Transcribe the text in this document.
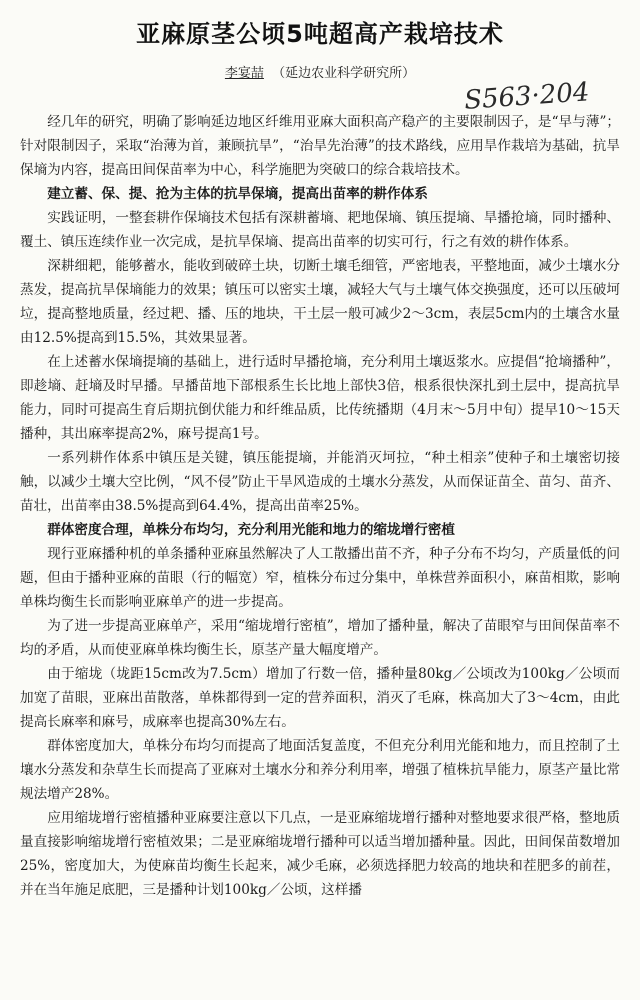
亚麻原茎公顷5吨超高产栽培技术
李宴喆 （延边农业科学研究所）
S563·204

经几年的研究，明确了影响延边地区纤维用亚麻大面积高产稳产的主要限制因子，是“早与薄”；针对限制因子，采取“治薄为首，兼顾抗旱”，“治旱先治薄”的技术路线，应用旱作栽培为基础，抗旱保墒为内容，提高田间保苗率为中心，科学施肥为突破口的综合栽培技术。

建立蓄、保、提、抢为主体的抗旱保墒，提高出苗率的耕作体系

实践证明，一整套耕作保墒技术包括有深耕蓄墒、耙地保墒、镇压提墒、旱播抢墒，同时播种、覆土、镇压连续作业一次完成，是抗旱保墒、提高出苗率的切实可行，行之有效的耕作体系。

深耕细耙，能够蓄水，能收到破碎土块，切断土壤毛细管，严密地表，平整地面，减少土壤水分蒸发，提高抗旱保墒能力的效果；镇压可以密实土壤，减轻大气与土壤气体交换强度，还可以压破坷垃，提高整地质量，经过耙、播、压的地块，干土层一般可减少2～3cm，表层5cm内的土壤含水量由12.5%提高到15.5%，其效果显著。

在上述蓄水保墒提墒的基础上，进行适时早播抢墒，充分利用土壤返浆水。应提倡“抢墒播种”，即趁墒、赶墒及时早播。早播苗地下部根系生长比地上部快3倍，根系很快深扎到土层中，提高抗旱能力，同时可提高生育后期抗倒伏能力和纤维品质，比传统播期（4月末～5月中旬）提早10～15天播种，其出麻率提高2%，麻号提高1号。

一系列耕作体系中镇压是关键，镇压能提墒，并能消灭坷拉，“种土相亲”使种子和土壤密切接触，以减少土壤大空比例，“风不侵”防止干旱风造成的土壤水分蒸发，从而保证苗全、苗匀、苗齐、苗壮，出苗率由38.5%提高到64.4%，提高出苗率25%。

群体密度合理，单株分布均匀，充分利用光能和地力的缩垅增行密植

现行亚麻播种机的单条播种亚麻虽然解决了人工散播出苗不齐，种子分布不均匀，产质量低的问题，但由于播种亚麻的苗眼（行的幅宽）窄，植株分布过分集中，单株营养面积小，麻苗相欺，影响单株均衡生长而影响亚麻单产的进一步提高。

为了进一步提高亚麻单产，采用“缩垅增行密植”，增加了播种量，解决了苗眼窄与田间保苗率不均的矛盾，从而使亚麻单株均衡生长，原茎产量大幅度增产。

由于缩垅（垅距15cm改为7.5cm）增加了行数一倍，播种量80kg／公顷改为100kg／公顷而加宽了苗眼，亚麻出苗散落，单株都得到一定的营养面积，消灭了毛麻，株高加大了3～4cm，由此提高长麻率和麻号，成麻率也提高30%左右。

群体密度加大，单株分布均匀而提高了地面活复盖度，不但充分利用光能和地力，而且控制了土壤水分蒸发和杂草生长而提高了亚麻对土壤水分和养分利用率，增强了植株抗旱能力，原茎产量比常规法增产28%。

应用缩垅增行密植播种亚麻要注意以下几点，一是亚麻缩垅增行播种对整地要求很严格，整地质量直接影响缩垅增行密植效果；二是亚麻缩垅增行播种可以适当增加播种量。因此，田间保苗数增加25%，密度加大，为使麻苗均衡生长起来，减少毛麻，必须选择肥力较高的地块和茬肥多的前茬，并在当年施足底肥，三是播种计划100kg／公顷，这样播
